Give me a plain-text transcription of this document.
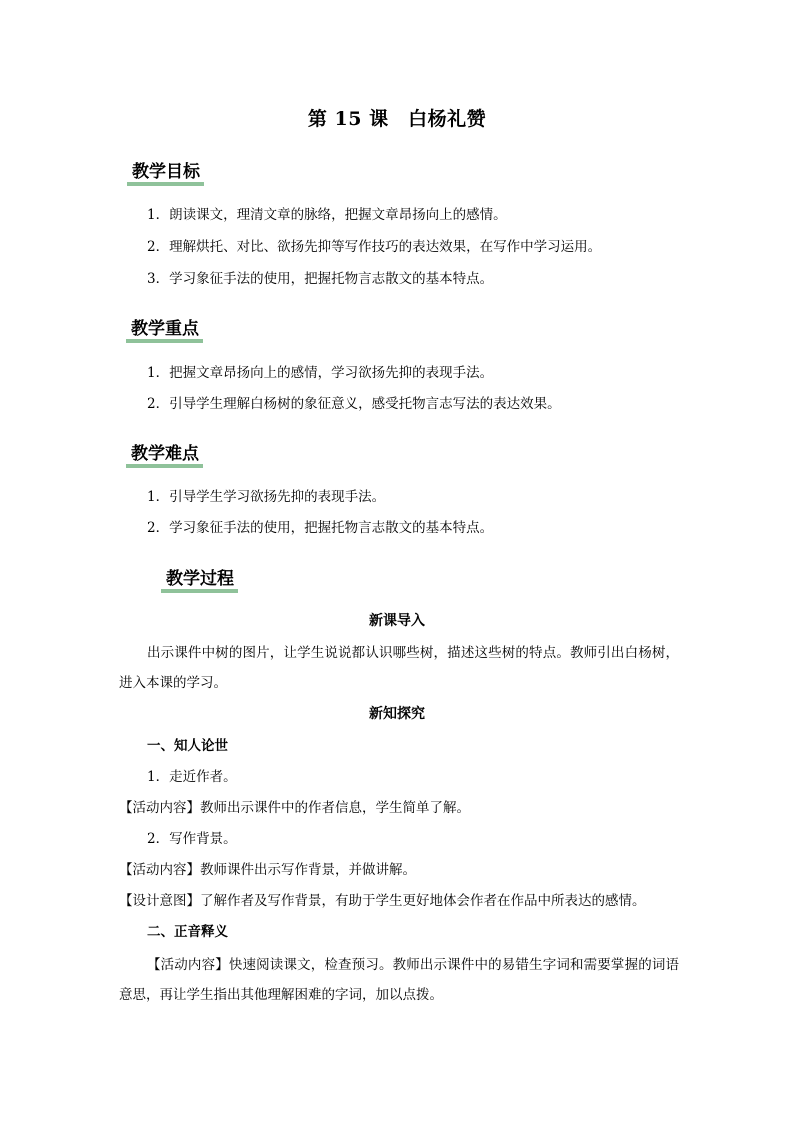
第 15 课　白杨礼赞
教学目标
1．朗读课文，理清文章的脉络，把握文章昂扬向上的感情。
2．理解烘托、对比、欲扬先抑等写作技巧的表达效果，在写作中学习运用。
3．学习象征手法的使用，把握托物言志散文的基本特点。
教学重点
1．把握文章昂扬向上的感情，学习欲扬先抑的表现手法。
2．引导学生理解白杨树的象征意义，感受托物言志写法的表达效果。
教学难点
1．引导学生学习欲扬先抑的表现手法。
2．学习象征手法的使用，把握托物言志散文的基本特点。
教学过程
新课导入
出示课件中树的图片，让学生说说都认识哪些树，描述这些树的特点。教师引出白杨树，进入本课的学习。
新知探究
一、知人论世
1．走近作者。
【活动内容】教师出示课件中的作者信息，学生简单了解。
2．写作背景。
【活动内容】教师课件出示写作背景，并做讲解。
【设计意图】了解作者及写作背景，有助于学生更好地体会作者在作品中所表达的感情。
二、正音释义
【活动内容】快速阅读课文，检查预习。教师出示课件中的易错生字词和需要掌握的词语意思，再让学生指出其他理解困难的字词，加以点拨。
